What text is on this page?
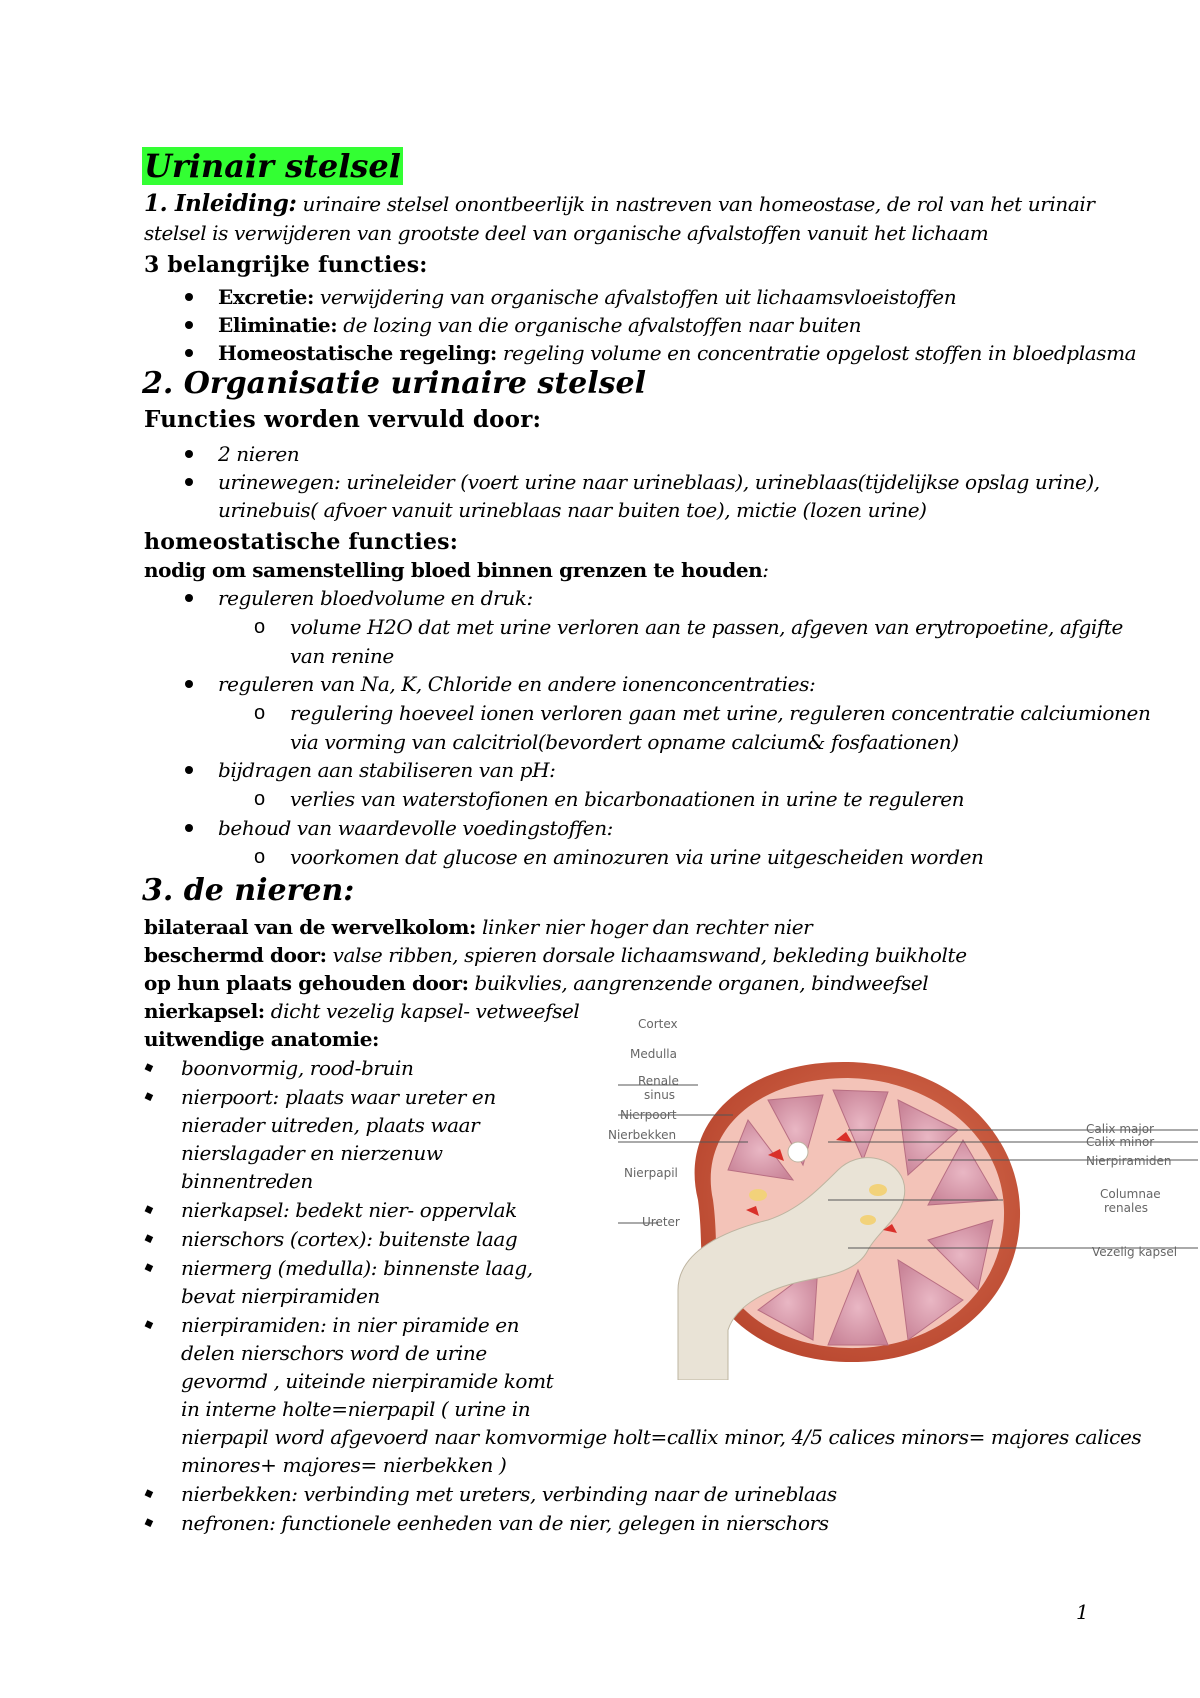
Urinair stelsel
1. Inleiding: urinaire stelsel onontbeerlijk in nastreven van homeostase, de rol van het urinair
stelsel is verwijderen van grootste deel van organische afvalstoffen vanuit het lichaam
3 belangrijke functies:
Excretie: verwijdering van organische afvalstoffen uit lichaamsvloeistoffen
Eliminatie: de lozing van die organische afvalstoffen naar buiten
Homeostatische regeling: regeling volume en concentratie opgelost stoffen in bloedplasma
2. Organisatie urinaire stelsel
Functies worden vervuld door:
2 nieren
urinewegen: urineleider (voert urine naar urineblaas), urineblaas(tijdelijkse opslag urine),
urinebuis( afvoer vanuit urineblaas naar buiten toe), mictie (lozen urine)
homeostatische functies:
nodig om samenstelling bloed binnen grenzen te houden:
reguleren bloedvolume en druk:
o volume H2O dat met urine verloren aan te passen, afgeven van erytropoetine, afgifte
van renine
reguleren van Na, K, Chloride en andere ionenconcentraties:
o regulering hoeveel ionen verloren gaan met urine, reguleren concentratie calciumionen
via vorming van calcitriol(bevordert opname calcium& fosfaationen)
bijdragen aan stabiliseren van pH:
o verlies van waterstofionen en bicarbonaationen in urine te reguleren
behoud van waardevolle voedingstoffen:
o voorkomen dat glucose en aminozuren via urine uitgescheiden worden
3. de nieren:
bilateraal van de wervelkolom: linker nier hoger dan rechter nier
beschermd door: valse ribben, spieren dorsale lichaamswand, bekleding buikholte
op hun plaats gehouden door: buikvlies, aangrenzende organen, bindweefsel
nierkapsel: dicht vezelig kapsel- vetweefsel
uitwendige anatomie:
◆ boonvormig, rood-bruin
◆ nierpoort: plaats waar ureter en
nierader uitreden, plaats waar
nierslagader en nierzenuw
binnentreden
◆ nierkapsel: bedekt nier- oppervlak
◆ nierschors (cortex): buitenste laag
◆ niermerg (medulla): binnenste laag,
bevat nierpiramiden
◆ nierpiramiden: in nier piramide en
delen nierschors word de urine
gevormd , uiteinde nierpiramide komt
in interne holte=nierpapil ( urine in
nierpapil word afgevoerd naar komvormige holt=callix minor, 4/5 calices minors= majores calices
minores+ majores= nierbekken )
◆ nierbekken: verbinding met ureters, verbinding naar de urineblaas
◆ nefronen: functionele eenheden van de nier, gelegen in nierschors
Cortex
Medulla
Renale
sinus
Nierpoort
Nierbekken
Nierpapil
Ureter
Calix major
Calix minor
Nierpiramiden
Columnae
renales
Vezelig kapsel
1
